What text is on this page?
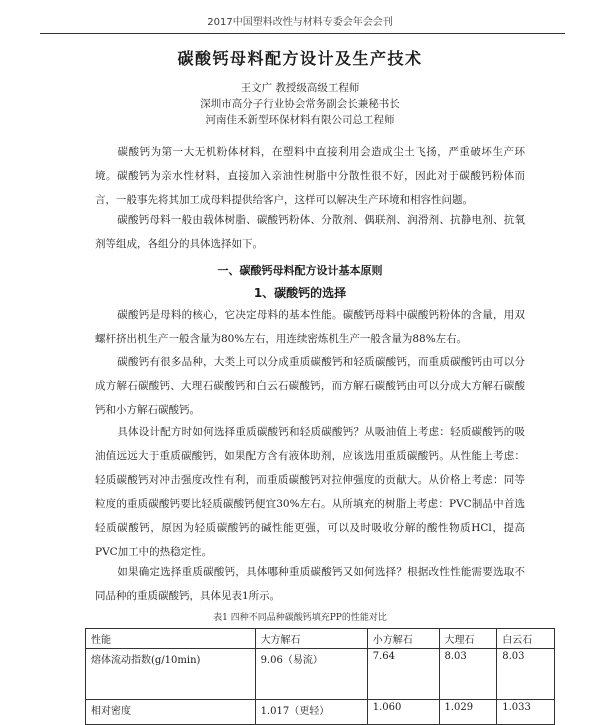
2017中国塑料改性与材料专委会年会会刊
碳酸钙母料配方设计及生产技术
王文广 教授级高级工程师
深圳市高分子行业协会常务副会长兼秘书长
河南佳禾新型环保材料有限公司总工程师

碳酸钙为第一大无机粉体材料，在塑料中直接利用会造成尘土飞扬，严重破坏生产环境。碳酸钙为亲水性材料，直接加入亲油性树脂中分散性很不好，因此对于碳酸钙粉体而言，一般事先将其加工成母料提供给客户，这样可以解决生产环境和相容性问题。

碳酸钙母料一般由载体树脂、碳酸钙粉体、分散剂、偶联剂、润滑剂、抗静电剂、抗氧剂等组成，各组分的具体选择如下。

一、碳酸钙母料配方设计基本原则
1、碳酸钙的选择

碳酸钙是母料的核心，它决定母料的基本性能。碳酸钙母料中碳酸钙粉体的含量，用双螺杆挤出机生产一般含量为80%左右，用连续密炼机生产一般含量为88%左右。

碳酸钙有很多品种，大类上可以分成重质碳酸钙和轻质碳酸钙，而重质碳酸钙由可以分成方解石碳酸钙、大理石碳酸钙和白云石碳酸钙，而方解石碳酸钙由可以分成大方解石碳酸钙和小方解石碳酸钙。

具体设计配方时如何选择重质碳酸钙和轻质碳酸钙？从吸油值上考虑：轻质碳酸钙的吸油值远远大于重质碳酸钙，如果配方含有液体助剂，应该选用重质碳酸钙。从性能上考虑：轻质碳酸钙对冲击强度改性有利，而重质碳酸钙对拉伸强度的贡献大。从价格上考虑：同等粒度的重质碳酸钙要比轻质碳酸钙便宜30%左右。从所填充的树脂上考虑：PVC制品中首选轻质碳酸钙，原因为轻质碳酸钙的碱性能更强，可以及时吸收分解的酸性物质HCl，提高PVC加工中的热稳定性。

如果确定选择重质碳酸钙，具体哪种重质碳酸钙又如何选择？根据改性性能需要选取不同品种的重质碳酸钙，具体见表1所示。

表1 四种不同品种碳酸钙填充PP的性能对比
性能	大方解石	小方解石	大理石	白云石
熔体流动指数(g/10min)	9.06（易流）	7.64	8.03	8.03
相对密度	1.017（更轻）	1.060	1.029	1.033
